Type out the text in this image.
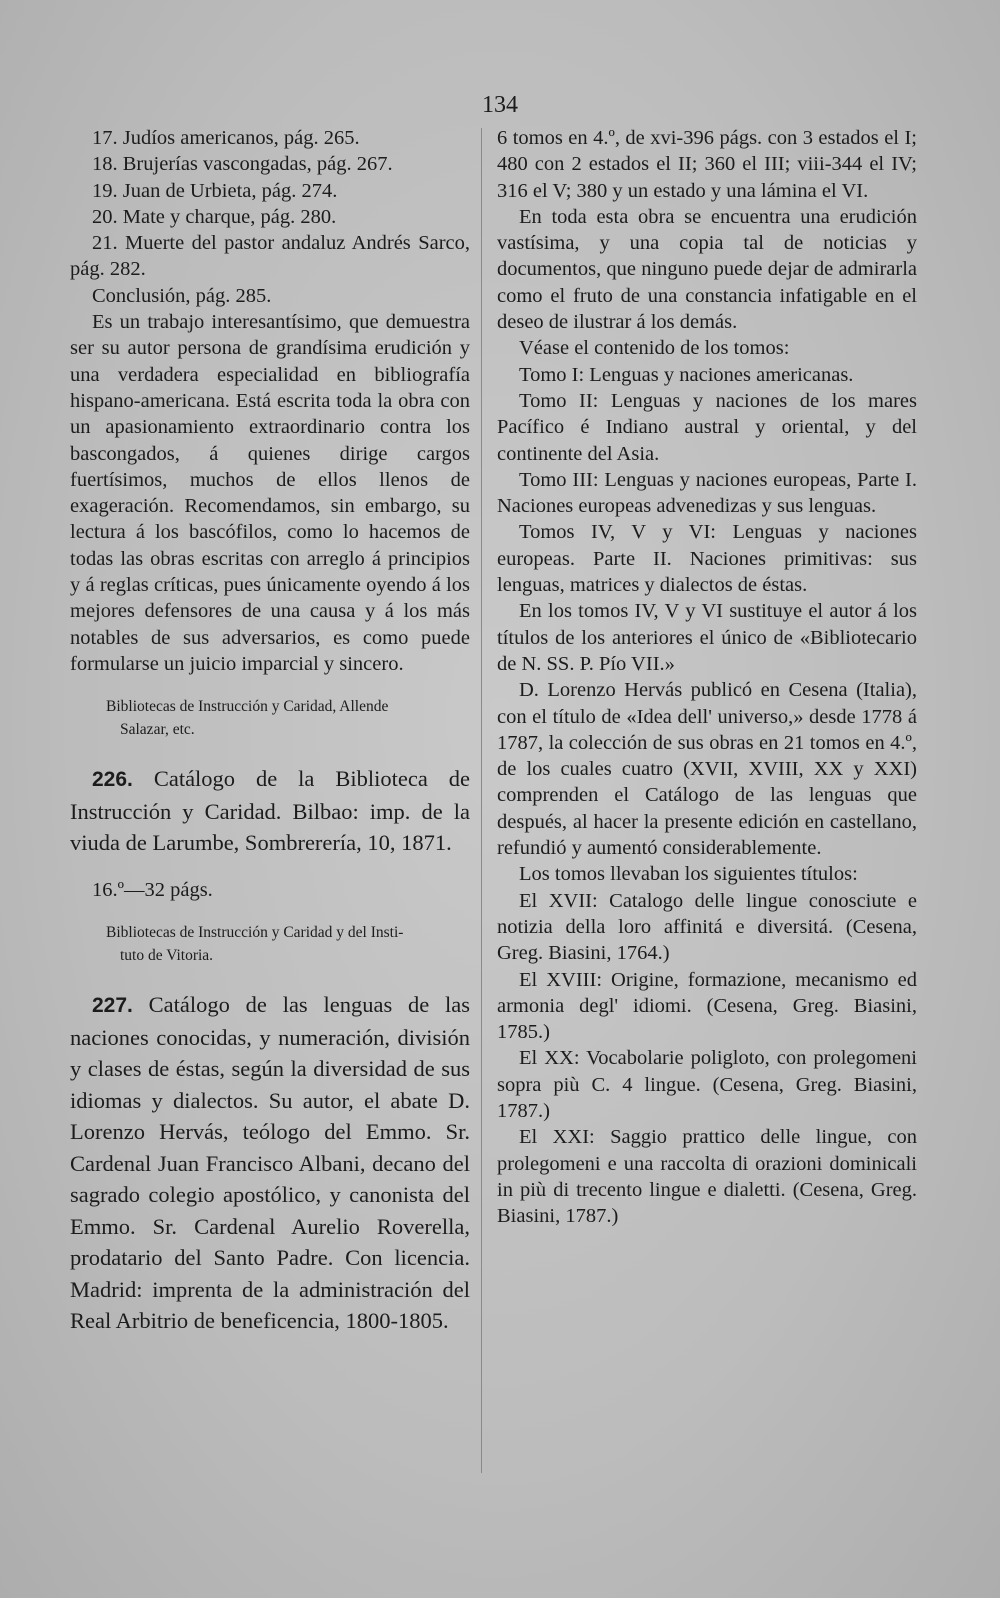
134

17. Judíos americanos, pág. 265.

18. Brujerías vascongadas, pág. 267.

19. Juan de Urbieta, pág. 274.

20. Mate y charque, pág. 280.

21. Muerte del pastor andaluz Andrés Sarco, pág. 282.

Conclusión, pág. 285.

Es un trabajo interesantísimo, que demuestra ser su autor persona de grandísima erudición y una verdadera especialidad en bibliografía hispano-americana. Está escrita toda la obra con un apasionamiento extraordinario contra los bascongados, á quienes dirige cargos fuertísimos, muchos de ellos llenos de exageración. Recomendamos, sin embargo, su lectura á los bascófilos, como lo hacemos de todas las obras escritas con arreglo á principios y á reglas críticas, pues únicamente oyendo á los mejores defensores de una causa y á los más notables de sus adversarios, es como puede formularse un juicio imparcial y sincero.

Bibliotecas de Instrucción y Caridad, Allende
Salazar, etc.

226. Catálogo de la Biblioteca de Instrucción y Caridad. Bilbao: imp. de la viuda de Larumbe, Sombrerería, 10, 1871.

16.º—32 págs.

Bibliotecas de Instrucción y Caridad y del Insti-
tuto de Vitoria.

227. Catálogo de las lenguas de las naciones conocidas, y numeración, división y clases de éstas, según la diversidad de sus idiomas y dialectos. Su autor, el abate D. Lorenzo Hervás, teólogo del Emmo. Sr. Cardenal Juan Francisco Albani, decano del sagrado colegio apostólico, y canonista del Emmo. Sr. Cardenal Aurelio Roverella, prodatario del Santo Padre. Con licencia. Madrid: imprenta de la administración del Real Arbitrio de beneficencia, 1800-1805.

6 tomos en 4.º, de xvi-396 págs. con 3 estados el I; 480 con 2 estados el II; 360 el III; viii-344 el IV; 316 el V; 380 y un estado y una lámina el VI.

En toda esta obra se encuentra una erudición vastísima, y una copia tal de noticias y documentos, que ninguno puede dejar de admirarla como el fruto de una constancia infatigable en el deseo de ilustrar á los demás.

Véase el contenido de los tomos:

Tomo I: Lenguas y naciones americanas.

Tomo II: Lenguas y naciones de los mares Pacífico é Indiano austral y oriental, y del continente del Asia.

Tomo III: Lenguas y naciones europeas, Parte I. Naciones europeas advenedizas y sus lenguas.

Tomos IV, V y VI: Lenguas y naciones europeas. Parte II. Naciones primitivas: sus lenguas, matrices y dialectos de éstas.

En los tomos IV, V y VI sustituye el autor á los títulos de los anteriores el único de «Bibliotecario de N. SS. P. Pío VII.»

D. Lorenzo Hervás publicó en Cesena (Italia), con el título de «Idea dell' universo,» desde 1778 á 1787, la colección de sus obras en 21 tomos en 4.º, de los cuales cuatro (XVII, XVIII, XX y XXI) comprenden el Catálogo de las lenguas que después, al hacer la presente edición en castellano, refundió y aumentó considerablemente.

Los tomos llevaban los siguientes títulos:

El XVII: Catalogo delle lingue conosciute e notizia della loro affinitá e diversitá. (Cesena, Greg. Biasini, 1764.)

El XVIII: Origine, formazione, mecanismo ed armonia degl' idiomi. (Cesena, Greg. Biasini, 1785.)

El XX: Vocabolarie poligloto, con prolegomeni sopra più C. 4 lingue. (Cesena, Greg. Biasini, 1787.)

El XXI: Saggio prattico delle lingue, con prolegomeni e una raccolta di orazioni dominicali in più di trecento lingue e dialetti. (Cesena, Greg. Biasini, 1787.)
